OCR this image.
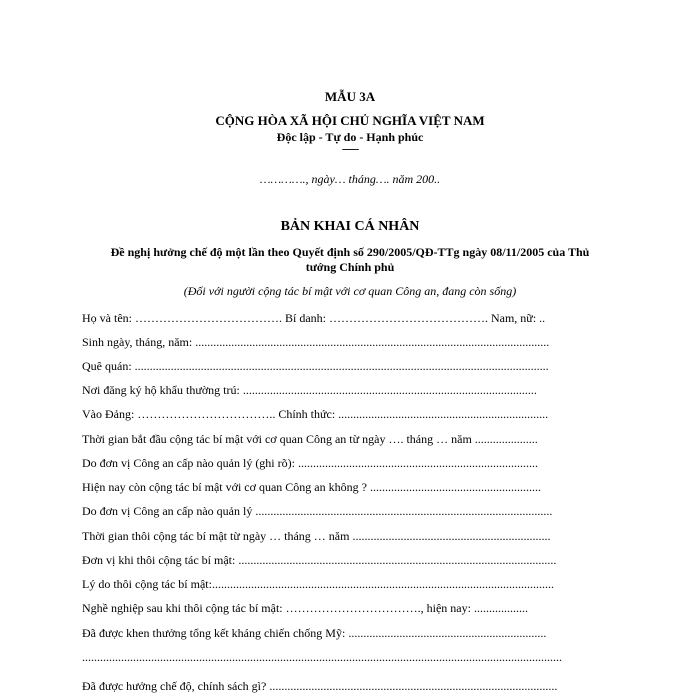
MẪU 3A
CỘNG HÒA XÃ HỘI CHỦ NGHĨA VIỆT NAM
Độc lập - Tự do - Hạnh phúc
-------
…………., ngày… tháng…. năm 200..
BẢN KHAI CÁ NHÂN
Đề nghị hưởng chế độ một lần theo Quyết định số 290/2005/QĐ-TTg ngày 08/11/2005 của Thủ
tướng Chính phủ
(Đối với người cộng tác bí mật với cơ quan Công an, đang còn sống)
Họ và tên: ………………………………. Bí danh: …………………………………. Nam, nữ: ..
Sinh ngày, tháng, năm: ......................................................................................................................
Quê quán: ..........................................................................................................................................
Nơi đăng ký hộ khẩu thường trú: ..................................................................................................
Vào Đảng: …………………………….. Chính thức: ......................................................................
Thời gian bắt đầu cộng tác bí mật với cơ quan Công an từ ngày …. tháng … năm .....................
Do đơn vị Công an cấp nào quản lý (ghi rõ): ................................................................................
Hiện nay còn cộng tác bí mật với cơ quan Công an không ? .........................................................
Do đơn vị Công an cấp nào quản lý ...................................................................................................
Thời gian thôi cộng tác bí mật từ ngày … tháng … năm ..................................................................
Đơn vị khi thôi cộng tác bí mật: ..........................................................................................................
Lý do thôi cộng tác bí mật:..................................................................................................................
Nghề nghiệp sau khi thôi cộng tác bí mật: ……………………………., hiện nay: ..................
Đã được khen thưởng tổng kết kháng chiến chống Mỹ: ..................................................................
................................................................................................................................................................
Đã được hưởng chế độ, chính sách gì? ................................................................................................
